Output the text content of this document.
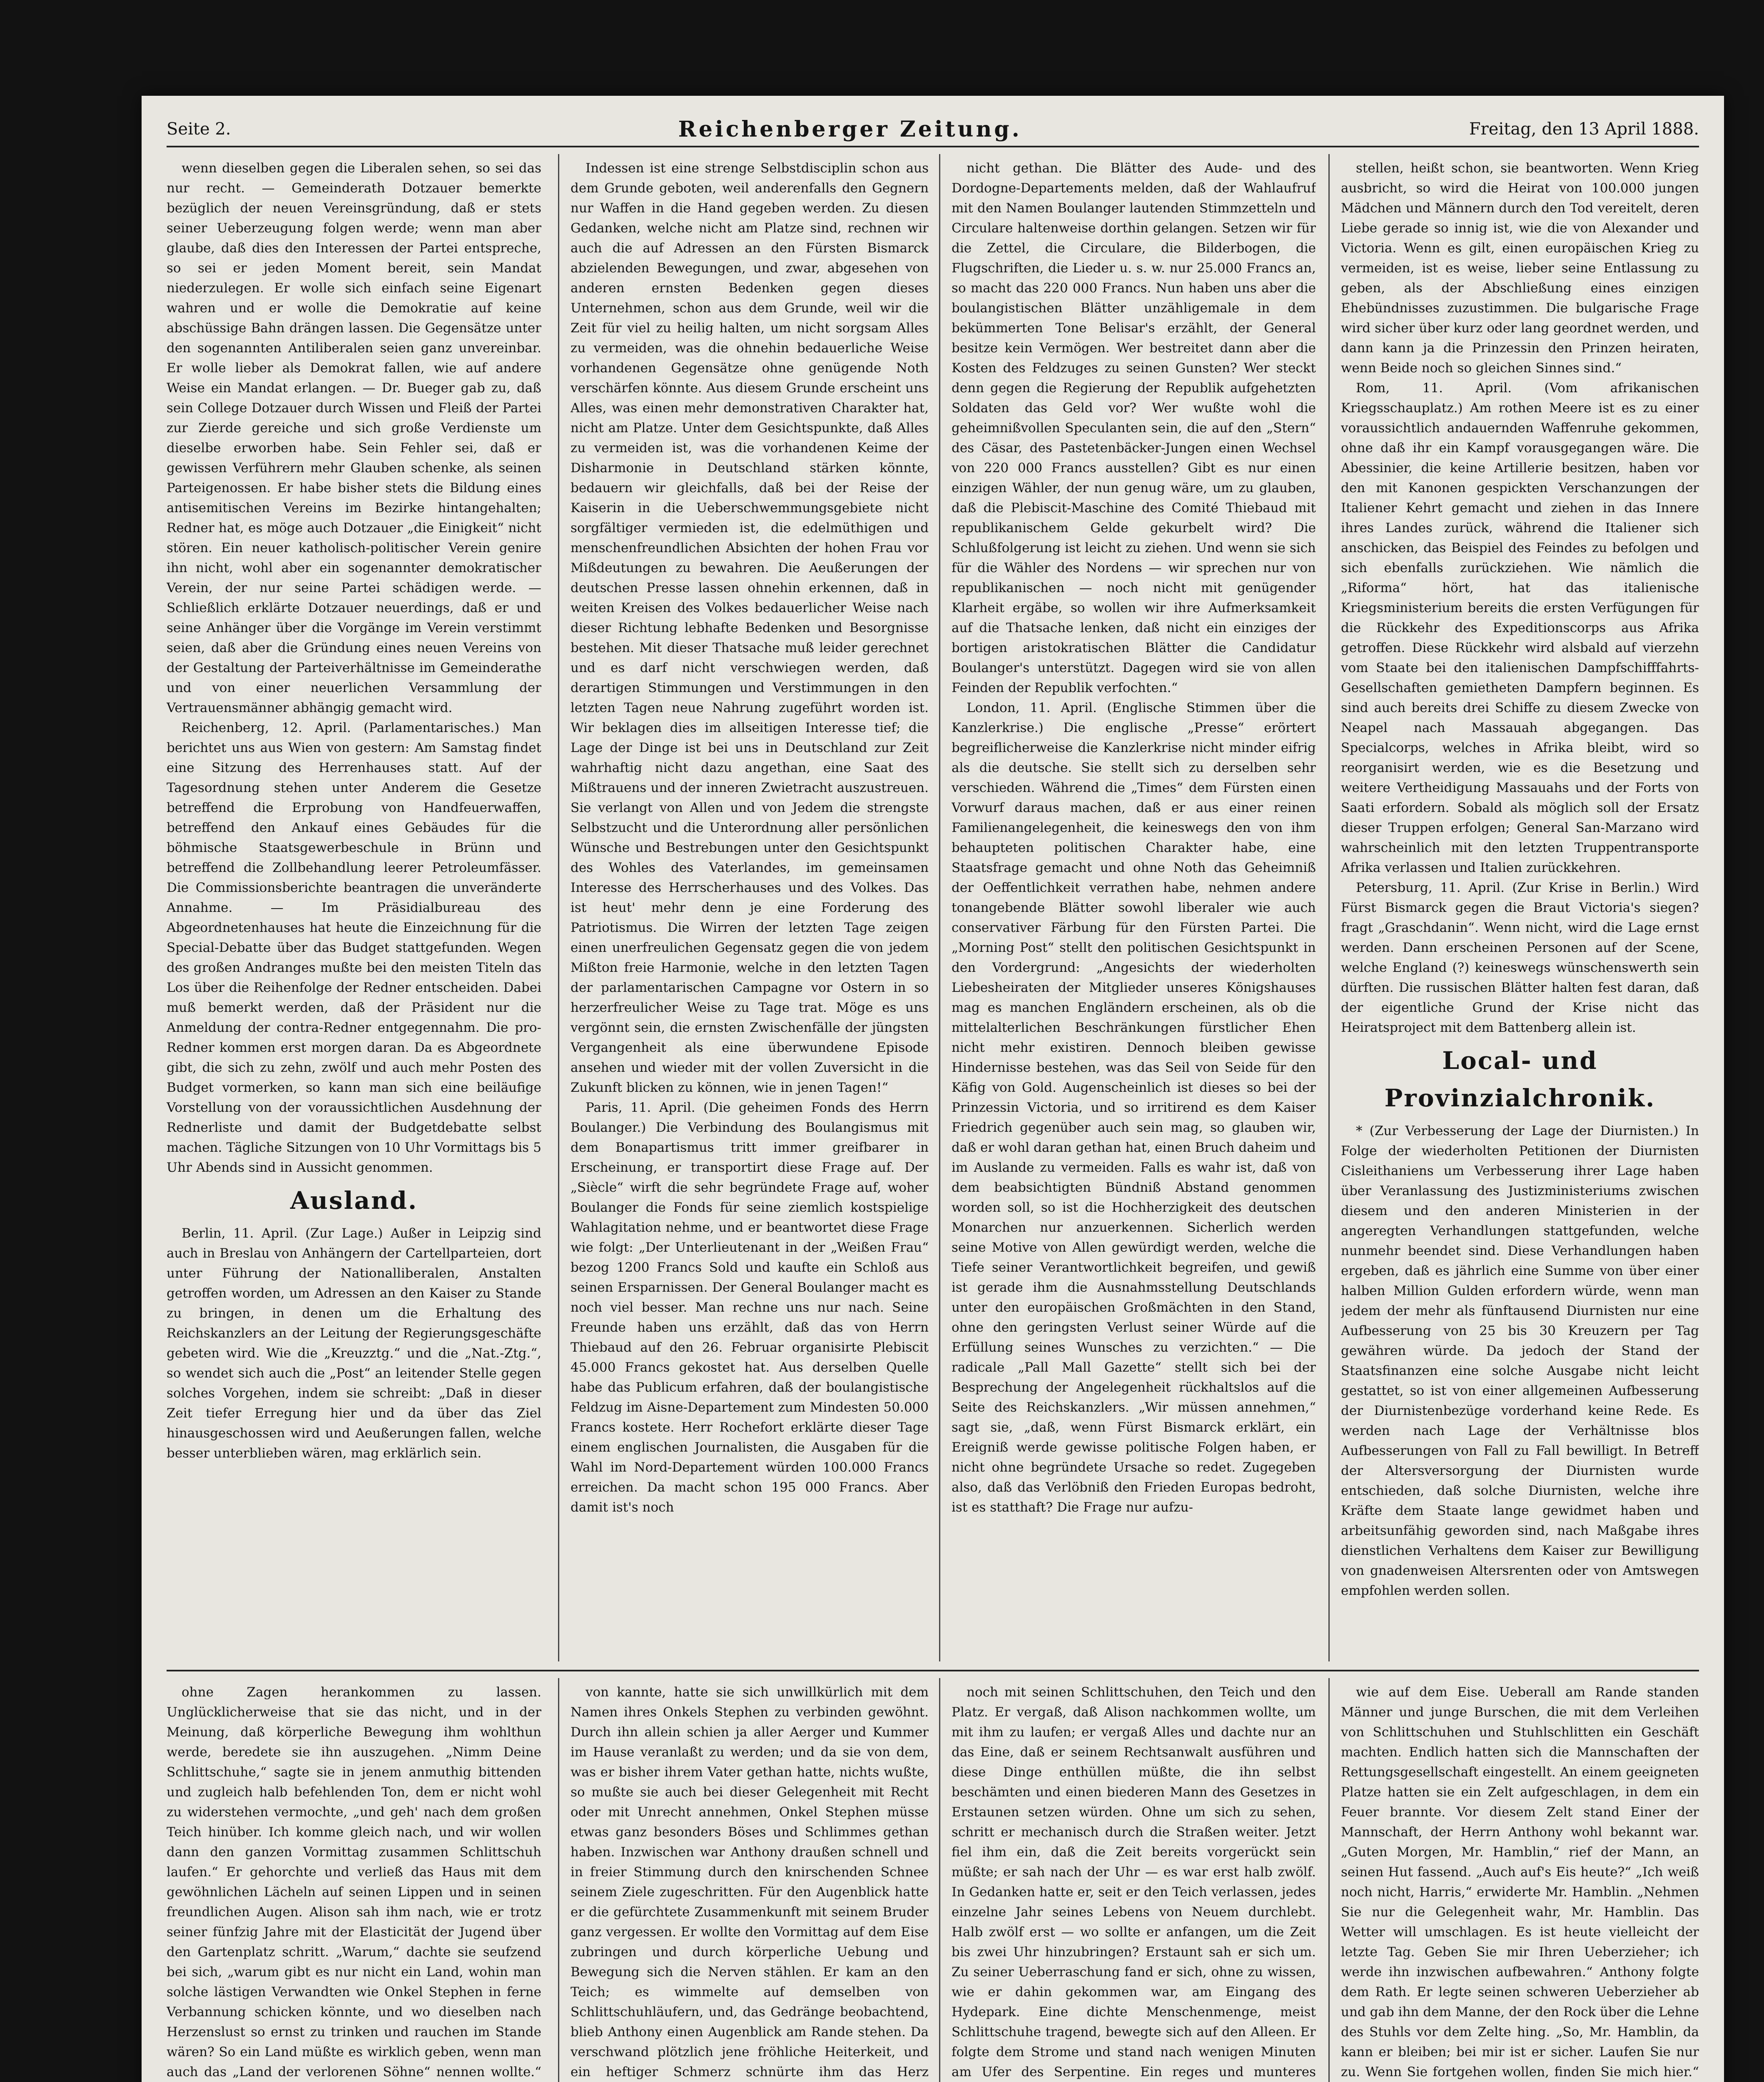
Seite 2.	Reichenberger Zeitung.	Freitag, den 13 April 1888.

wenn dieselben gegen die Liberalen sehen, so sei das nur recht. — Gemeinderath Dotzauer bemerkte bezüglich der neuen Vereinsgründung, daß er stets seiner Ueberzeugung folgen werde; wenn man aber glaube, daß dies den Interessen der Partei entspreche, so sei er jeden Moment bereit, sein Mandat niederzulegen. Er wolle sich einfach seine Eigenart wahren und er wolle die Demokratie auf keine abschüssige Bahn drängen lassen. Die Gegensätze unter den sogenannten Antiliberalen seien ganz unvereinbar. Er wolle lieber als Demokrat fallen, wie auf andere Weise ein Mandat erlangen. — Dr. Bueger gab zu, daß sein College Dotzauer durch Wissen und Fleiß der Partei zur Zierde gereiche und sich große Verdienste um dieselbe erworben habe. Sein Fehler sei, daß er gewissen Verführern mehr Glauben schenke, als seinen Parteigenossen. Er habe bisher stets die Bildung eines antisemitischen Vereins im Bezirke hintangehalten; Redner hat, es möge auch Dotzauer „die Einigkeit“ nicht stören. Ein neuer katholisch-politischer Verein genire ihn nicht, wohl aber ein sogenannter demokratischer Verein, der nur seine Partei schädigen werde. — Schließlich erklärte Dotzauer neuerdings, daß er und seine Anhänger über die Vorgänge im Verein verstimmt seien, daß aber die Gründung eines neuen Vereins von der Gestaltung der Parteiverhältnisse im Gemeinderathe und von einer neuerlichen Versammlung der Vertrauensmänner abhängig gemacht wird.

Reichenberg, 12. April. (Parlamentarisches.) Man berichtet uns aus Wien von gestern: Am Samstag findet eine Sitzung des Herrenhauses statt. Auf der Tagesordnung stehen unter Anderem die Gesetze betreffend die Erprobung von Handfeuerwaffen, betreffend den Ankauf eines Gebäudes für die böhmische Staatsgewerbeschule in Brünn und betreffend die Zollbehandlung leerer Petroleumfässer. Die Commissionsberichte beantragen die unveränderte Annahme. — Im Präsidialbureau des Abgeordnetenhauses hat heute die Einzeichnung für die Special-Debatte über das Budget stattgefunden. Wegen des großen Andranges mußte bei den meisten Titeln das Los über die Reihenfolge der Redner entscheiden. Dabei muß bemerkt werden, daß der Präsident nur die Anmeldung der contra-Redner entgegennahm. Die pro-Redner kommen erst morgen daran. Da es Abgeordnete gibt, die sich zu zehn, zwölf und auch mehr Posten des Budget vormerken, so kann man sich eine beiläufige Vorstellung von der voraussichtlichen Ausdehnung der Rednerliste und damit der Budgetdebatte selbst machen. Tägliche Sitzungen von 10 Uhr Vormittags bis 5 Uhr Abends sind in Aussicht genommen.

Ausland.

Berlin, 11. April. (Zur Lage.) Außer in Leipzig sind auch in Breslau von Anhängern der Cartellparteien, dort unter Führung der Nationalliberalen, Anstalten getroffen worden, um Adressen an den Kaiser zu Stande zu bringen, in denen um die Erhaltung des Reichskanzlers an der Leitung der Regierungsgeschäfte gebeten wird. Wie die „Kreuzztg.“ und die „Nat.-Ztg.“, so wendet sich auch die „Post“ an leitender Stelle gegen solches Vorgehen, indem sie schreibt: „Daß in dieser Zeit tiefer Erregung hier und da über das Ziel hinausgeschossen wird und Aeußerungen fallen, welche besser unterblieben wären, mag erklärlich sein.

Indessen ist eine strenge Selbstdisciplin schon aus dem Grunde geboten, weil anderenfalls den Gegnern nur Waffen in die Hand gegeben werden. Zu diesen Gedanken, welche nicht am Platze sind, rechnen wir auch die auf Adressen an den Fürsten Bismarck abzielenden Bewegungen, und zwar, abgesehen von anderen ernsten Bedenken gegen dieses Unternehmen, schon aus dem Grunde, weil wir die Zeit für viel zu heilig halten, um nicht sorgsam Alles zu vermeiden, was die ohnehin bedauerliche Weise vorhandenen Gegensätze ohne genügende Noth verschärfen könnte. Aus diesem Grunde erscheint uns Alles, was einen mehr demonstrativen Charakter hat, nicht am Platze. Unter dem Gesichtspunkte, daß Alles zu vermeiden ist, was die vorhandenen Keime der Disharmonie in Deutschland stärken könnte, bedauern wir gleichfalls, daß bei der Reise der Kaiserin in die Ueberschwemmungsgebiete nicht sorgfältiger vermieden ist, die edelmüthigen und menschenfreundlichen Absichten der hohen Frau vor Mißdeutungen zu bewahren. Die Aeußerungen der deutschen Presse lassen ohnehin erkennen, daß in weiten Kreisen des Volkes bedauerlicher Weise nach dieser Richtung lebhafte Bedenken und Besorgnisse bestehen. Mit dieser Thatsache muß leider gerechnet und es darf nicht verschwiegen werden, daß derartigen Stimmungen und Verstimmungen in den letzten Tagen neue Nahrung zugeführt worden ist. Wir beklagen dies im allseitigen Interesse tief; die Lage der Dinge ist bei uns in Deutschland zur Zeit wahrhaftig nicht dazu angethan, eine Saat des Mißtrauens und der inneren Zwietracht auszustreuen. Sie verlangt von Allen und von Jedem die strengste Selbstzucht und die Unterordnung aller persönlichen Wünsche und Bestrebungen unter den Gesichtspunkt des Wohles des Vaterlandes, im gemeinsamen Interesse des Herrscherhauses und des Volkes. Das ist heut' mehr denn je eine Forderung des Patriotismus. Die Wirren der letzten Tage zeigen einen unerfreulichen Gegensatz gegen die von jedem Mißton freie Harmonie, welche in den letzten Tagen der parlamentarischen Campagne vor Ostern in so herzerfreulicher Weise zu Tage trat. Möge es uns vergönnt sein, die ernsten Zwischenfälle der jüngsten Vergangenheit als eine überwundene Episode ansehen und wieder mit der vollen Zuversicht in die Zukunft blicken zu können, wie in jenen Tagen!“

Paris, 11. April. (Die geheimen Fonds des Herrn Boulanger.) Die Verbindung des Boulangismus mit dem Bonapartismus tritt immer greifbarer in Erscheinung, er transportirt diese Frage auf. Der „Siècle“ wirft die sehr begründete Frage auf, woher Boulanger die Fonds für seine ziemlich kostspielige Wahlagitation nehme, und er beantwortet diese Frage wie folgt: „Der Unterlieutenant in der „Weißen Frau“ bezog 1200 Francs Sold und kaufte ein Schloß aus seinen Ersparnissen. Der General Boulanger macht es noch viel besser. Man rechne uns nur nach. Seine Freunde haben uns erzählt, daß das von Herrn Thiebaud auf den 26. Februar organisirte Plebiscit 45.000 Francs gekostet hat. Aus derselben Quelle habe das Publicum erfahren, daß der boulangistische Feldzug im Aisne-Departement zum Mindesten 50.000 Francs kostete. Herr Rochefort erklärte dieser Tage einem englischen Journalisten, die Ausgaben für die Wahl im Nord-Departement würden 100.000 Francs erreichen. Da macht schon 195 000 Francs. Aber damit ist's noch

nicht gethan. Die Blätter des Aude- und des Dordogne-Departements melden, daß der Wahlaufruf mit den Namen Boulanger lautenden Stimmzetteln und Circulare haltenweise dorthin gelangen. Setzen wir für die Zettel, die Circulare, die Bilderbogen, die Flugschriften, die Lieder u. s. w. nur 25.000 Francs an, so macht das 220 000 Francs. Nun haben uns aber die boulangistischen Blätter unzähligemale in dem bekümmerten Tone Belisar's erzählt, der General besitze kein Vermögen. Wer bestreitet dann aber die Kosten des Feldzuges zu seinen Gunsten? Wer steckt denn gegen die Regierung der Republik aufgehetzten Soldaten das Geld vor? Wer wußte wohl die geheimnißvollen Speculanten sein, die auf den „Stern“ des Cäsar, des Pastetenbäcker-Jungen einen Wechsel von 220 000 Francs ausstellen? Gibt es nur einen einzigen Wähler, der nun genug wäre, um zu glauben, daß die Plebiscit-Maschine des Comité Thiebaud mit republikanischem Gelde gekurbelt wird? Die Schlußfolgerung ist leicht zu ziehen. Und wenn sie sich für die Wähler des Nordens — wir sprechen nur von republikanischen — noch nicht mit genügender Klarheit ergäbe, so wollen wir ihre Aufmerksamkeit auf die Thatsache lenken, daß nicht ein einziges der bortigen aristokratischen Blätter die Candidatur Boulanger's unterstützt. Dagegen wird sie von allen Feinden der Republik verfochten.“

London, 11. April. (Englische Stimmen über die Kanzlerkrise.) Die englische „Presse“ erörtert begreiflicherweise die Kanzlerkrise nicht minder eifrig als die deutsche. Sie stellt sich zu derselben sehr verschieden. Während die „Times“ dem Fürsten einen Vorwurf daraus machen, daß er aus einer reinen Familienangelegenheit, die keineswegs den von ihm behaupteten politischen Charakter habe, eine Staatsfrage gemacht und ohne Noth das Geheimniß der Oeffentlichkeit verrathen habe, nehmen andere tonangebende Blätter sowohl liberaler wie auch conservativer Färbung für den Fürsten Partei. Die „Morning Post“ stellt den politischen Gesichtspunkt in den Vordergrund: „Angesichts der wiederholten Liebesheiraten der Mitglieder unseres Königshauses mag es manchen Engländern erscheinen, als ob die mittelalterlichen Beschränkungen fürstlicher Ehen nicht mehr existiren. Dennoch bleiben gewisse Hindernisse bestehen, was das Seil von Seide für den Käfig von Gold. Augenscheinlich ist dieses so bei der Prinzessin Victoria, und so irritirend es dem Kaiser Friedrich gegenüber auch sein mag, so glauben wir, daß er wohl daran gethan hat, einen Bruch daheim und im Auslande zu vermeiden. Falls es wahr ist, daß von dem beabsichtigten Bündniß Abstand genommen worden soll, so ist die Hochherzigkeit des deutschen Monarchen nur anzuerkennen. Sicherlich werden seine Motive von Allen gewürdigt werden, welche die Tiefe seiner Verantwortlichkeit begreifen, und gewiß ist gerade ihm die Ausnahmsstellung Deutschlands unter den europäischen Großmächten in den Stand, ohne den geringsten Verlust seiner Würde auf die Erfüllung seines Wunsches zu verzichten.“ — Die radicale „Pall Mall Gazette“ stellt sich bei der Besprechung der Angelegenheit rückhaltslos auf die Seite des Reichskanzlers. „Wir müssen annehmen,“ sagt sie, „daß, wenn Fürst Bismarck erklärt, ein Ereigniß werde gewisse politische Folgen haben, er nicht ohne begründete Ursache so redet. Zugegeben also, daß das Verlöbniß den Frieden Europas bedroht, ist es statthaft? Die Frage nur aufzu-

stellen, heißt schon, sie beantworten. Wenn Krieg ausbricht, so wird die Heirat von 100.000 jungen Mädchen und Männern durch den Tod vereitelt, deren Liebe gerade so innig ist, wie die von Alexander und Victoria. Wenn es gilt, einen europäischen Krieg zu vermeiden, ist es weise, lieber seine Entlassung zu geben, als der Abschließung eines einzigen Ehebündnisses zuzustimmen. Die bulgarische Frage wird sicher über kurz oder lang geordnet werden, und dann kann ja die Prinzessin den Prinzen heiraten, wenn Beide noch so gleichen Sinnes sind.“

Rom, 11. April. (Vom afrikanischen Kriegsschauplatz.) Am rothen Meere ist es zu einer voraussichtlich andauernden Waffenruhe gekommen, ohne daß ihr ein Kampf vorausgegangen wäre. Die Abessinier, die keine Artillerie besitzen, haben vor den mit Kanonen gespickten Verschanzungen der Italiener Kehrt gemacht und ziehen in das Innere ihres Landes zurück, während die Italiener sich anschicken, das Beispiel des Feindes zu befolgen und sich ebenfalls zurückziehen. Wie nämlich die „Riforma“ hört, hat das italienische Kriegsministerium bereits die ersten Verfügungen für die Rückkehr des Expeditionscorps aus Afrika getroffen. Diese Rückkehr wird alsbald auf vierzehn vom Staate bei den italienischen Dampfschifffahrts-Gesellschaften gemietheten Dampfern beginnen. Es sind auch bereits drei Schiffe zu diesem Zwecke von Neapel nach Massauah abgegangen. Das Specialcorps, welches in Afrika bleibt, wird so reorganisirt werden, wie es die Besetzung und weitere Vertheidigung Massauahs und der Forts von Saati erfordern. Sobald als möglich soll der Ersatz dieser Truppen erfolgen; General San-Marzano wird wahrscheinlich mit den letzten Truppentransporte Afrika verlassen und Italien zurückkehren.

Petersburg, 11. April. (Zur Krise in Berlin.) Wird Fürst Bismarck gegen die Braut Victoria's siegen? fragt „Graschdanin“. Wenn nicht, wird die Lage ernst werden. Dann erscheinen Personen auf der Scene, welche England (?) keineswegs wünschenswerth sein dürften. Die russischen Blätter halten fest daran, daß der eigentliche Grund der Krise nicht das Heiratsproject mit dem Battenberg allein ist.

Local- und Provinzialchronik.

* (Zur Verbesserung der Lage der Diurnisten.) In Folge der wiederholten Petitionen der Diurnisten Cisleithaniens um Verbesserung ihrer Lage haben über Veranlassung des Justizministeriums zwischen diesem und den anderen Ministerien in der angeregten Verhandlungen stattgefunden, welche nunmehr beendet sind. Diese Verhandlungen haben ergeben, daß es jährlich eine Summe von über einer halben Million Gulden erfordern würde, wenn man jedem der mehr als fünftausend Diurnisten nur eine Aufbesserung von 25 bis 30 Kreuzern per Tag gewähren würde. Da jedoch der Stand der Staatsfinanzen eine solche Ausgabe nicht leicht gestattet, so ist von einer allgemeinen Aufbesserung der Diurnistenbezüge vorderhand keine Rede. Es werden nach Lage der Verhältnisse blos Aufbesserungen von Fall zu Fall bewilligt. In Betreff der Altersversorgung der Diurnisten wurde entschieden, daß solche Diurnisten, welche ihre Kräfte dem Staate lange gewidmet haben und arbeitsunfähig geworden sind, nach Maßgabe ihres dienstlichen Verhaltens dem Kaiser zur Bewilligung von gnadenweisen Altersrenten oder von Amtswegen empfohlen werden sollen.

ohne Zagen herankommen zu lassen. Unglücklicherweise that sie das nicht, und in der Meinung, daß körperliche Bewegung ihm wohlthun werde, beredete sie ihn auszugehen. „Nimm Deine Schlittschuhe,“ sagte sie in jenem anmuthig bittenden und zugleich halb befehlenden Ton, dem er nicht wohl zu widerstehen vermochte, „und geh' nach dem großen Teich hinüber. Ich komme gleich nach, und wir wollen dann den ganzen Vormittag zusammen Schlittschuh laufen.“ Er gehorchte und verließ das Haus mit dem gewöhnlichen Lächeln auf seinen Lippen und in seinen freundlichen Augen. Alison sah ihm nach, wie er trotz seiner fünfzig Jahre mit der Elasticität der Jugend über den Gartenplatz schritt. „Warum,“ dachte sie seufzend bei sich, „warum gibt es nur nicht ein Land, wohin man solche lästigen Verwandten wie Onkel Stephen in ferne Verbannung schicken könnte, und wo dieselben nach Herzenslust so ernst zu trinken und rauchen im Stande wären? So ein Land müßte es wirklich geben, wenn man auch das „Land der verlorenen Söhne“ nennen wollte.“

von kannte, hatte sie sich unwillkürlich mit dem Namen ihres Onkels Stephen zu verbinden gewöhnt. Durch ihn allein schien ja aller Aerger und Kummer im Hause veranlaßt zu werden; und da sie von dem, was er bisher ihrem Vater gethan hatte, nichts wußte, so mußte sie auch bei dieser Gelegenheit mit Recht oder mit Unrecht annehmen, Onkel Stephen müsse etwas ganz besonders Böses und Schlimmes gethan haben. Inzwischen war Anthony draußen schnell und in freier Stimmung durch den knirschenden Schnee seinem Ziele zugeschritten. Für den Augenblick hatte er die gefürchtete Zusammenkunft mit seinem Bruder ganz vergessen. Er wollte den Vormittag auf dem Eise zubringen und durch körperliche Uebung und Bewegung sich die Nerven stählen. Er kam an den Teich; es wimmelte auf demselben von Schlittschuhläufern, und, das Gedränge beobachtend, blieb Anthony einen Augenblick am Rande stehen. Da verschwand plötzlich jene fröhliche Heiterkeit, und ein heftiger Schmerz schnürte ihm das Herz

noch mit seinen Schlittschuhen, den Teich und den Platz. Er vergaß, daß Alison nachkommen wollte, um mit ihm zu laufen; er vergaß Alles und dachte nur an das Eine, daß er seinem Rechtsanwalt ausführen und diese Dinge enthüllen müßte, die ihn selbst beschämten und einen biederen Mann des Gesetzes in Erstaunen setzen würden. Ohne um sich zu sehen, schritt er mechanisch durch die Straßen weiter. Jetzt fiel ihm ein, daß die Zeit bereits vorgerückt sein müßte; er sah nach der Uhr — es war erst halb zwölf. In Gedanken hatte er, seit er den Teich verlassen, jedes einzelne Jahr seines Lebens von Neuem durchlebt. Halb zwölf erst — wo sollte er anfangen, um die Zeit bis zwei Uhr hinzubringen? Erstaunt sah er sich um. Zu seiner Ueberraschung fand er sich, ohne zu wissen, wie er dahin gekommen war, am Eingang des Hydepark. Eine dichte Menschenmenge, meist Schlittschuhe tragend, bewegte sich auf den Alleen. Er folgte dem Strome und stand nach wenigen Minuten am Ufer des Serpentine. Ein reges und munteres

wie auf dem Eise. Ueberall am Rande standen Männer und junge Burschen, die mit dem Verleihen von Schlittschuhen und Stuhlschlitten ein Geschäft machten. Endlich hatten sich die Mannschaften der Rettungsgesellschaft eingestellt. An einem geeigneten Platze hatten sie ein Zelt aufgeschlagen, in dem ein Feuer brannte. Vor diesem Zelt stand Einer der Mannschaft, der Herrn Anthony wohl bekannt war. „Guten Morgen, Mr. Hamblin,“ rief der Mann, an seinen Hut fassend. „Auch auf's Eis heute?“ „Ich weiß noch nicht, Harris,“ erwiderte Mr. Hamblin. „Nehmen Sie nur die Gelegenheit wahr, Mr. Hamblin. Das Wetter will umschlagen. Es ist heute vielleicht der letzte Tag. Geben Sie mir Ihren Ueberzieher; ich werde ihn inzwischen aufbewahren.“ Anthony folgte dem Rath. Er legte seinen schweren Ueberzieher ab und gab ihn dem Manne, der den Rock über die Lehne des Stuhls vor dem Zelte hing. „So, Mr. Hamblin, da kann er bleiben; bei mir ist er sicher. Laufen Sie nur zu. Wenn Sie fortgehen wollen, finden Sie mich hier.“
